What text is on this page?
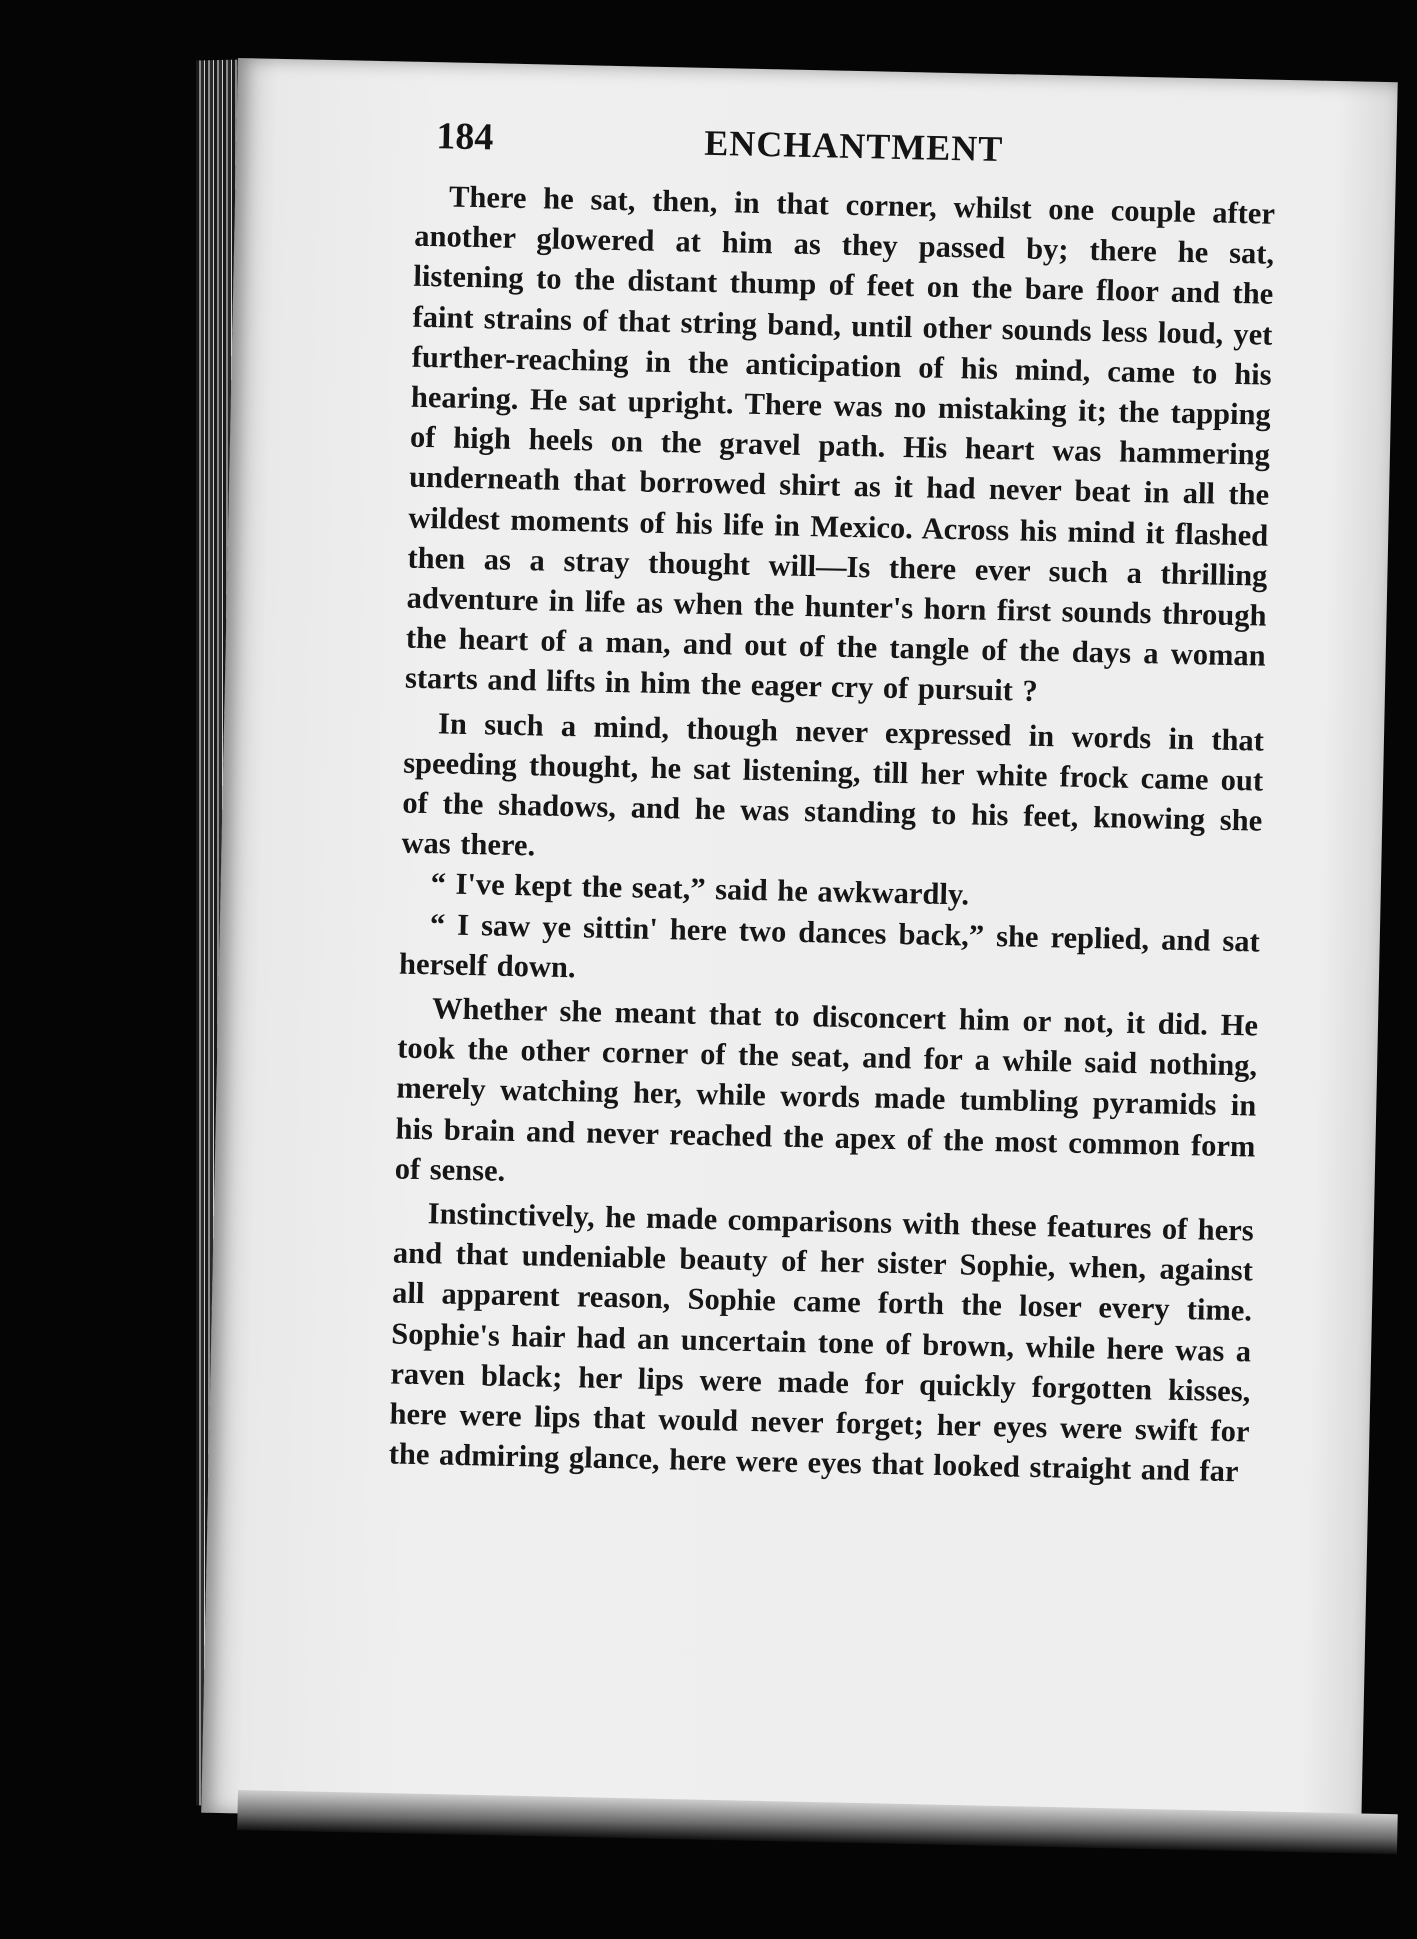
184	ENCHANTMENT

There he sat, then, in that corner, whilst one couple after another glowered at him as they passed by; there he sat, listening to the distant thump of feet on the bare floor and the faint strains of that string band, until other sounds less loud, yet further-reaching in the anticipation of his mind, came to his hearing. He sat upright. There was no mistaking it; the tapping of high heels on the gravel path. His heart was hammering underneath that borrowed shirt as it had never beat in all the wildest moments of his life in Mexico. Across his mind it flashed then as a stray thought will—Is there ever such a thrilling adventure in life as when the hunter's horn first sounds through the heart of a man, and out of the tangle of the days a woman starts and lifts in him the eager cry of pursuit ?

In such a mind, though never expressed in words in that speeding thought, he sat listening, till her white frock came out of the shadows, and he was standing to his feet, knowing she was there.

“ I've kept the seat,” said he awkwardly.

“ I saw ye sittin' here two dances back,” she replied, and sat herself down.

Whether she meant that to disconcert him or not, it did. He took the other corner of the seat, and for a while said nothing, merely watching her, while words made tumbling pyramids in his brain and never reached the apex of the most common form of sense.

Instinctively, he made comparisons with these features of hers and that undeniable beauty of her sister Sophie, when, against all apparent reason, Sophie came forth the loser every time. Sophie's hair had an uncertain tone of brown, while here was a raven black; her lips were made for quickly forgotten kisses, here were lips that would never forget; her eyes were swift for the admiring glance, here were eyes that looked straight and far
